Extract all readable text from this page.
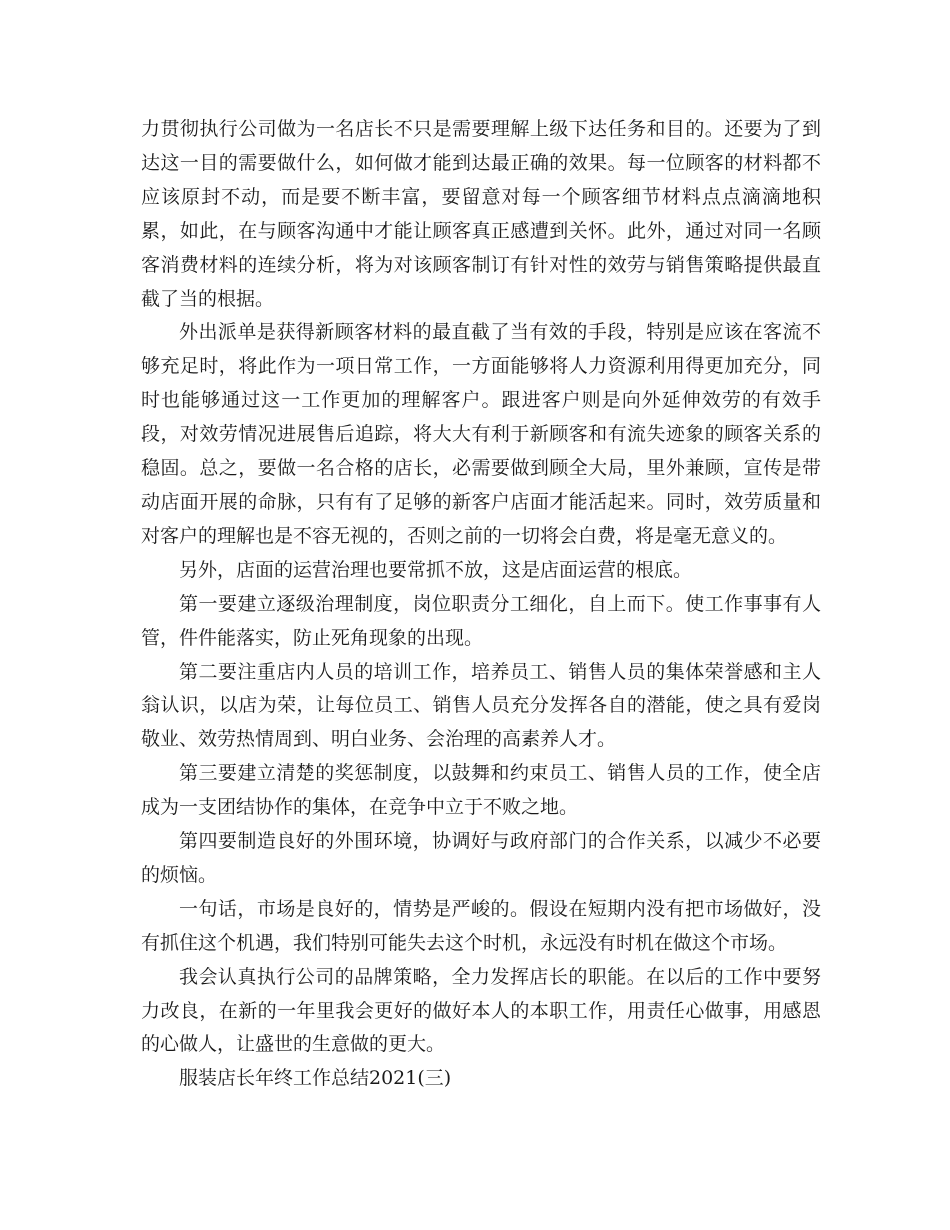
力贯彻执行公司做为一名店长不只是需要理解上级下达任务和目的。还要为了到达这一目的需要做什么，如何做才能到达最正确的效果。每一位顾客的材料都不应该原封不动，而是要不断丰富，要留意对每一个顾客细节材料点点滴滴地积累，如此，在与顾客沟通中才能让顾客真正感遭到关怀。此外，通过对同一名顾客消费材料的连续分析，将为对该顾客制订有针对性的效劳与销售策略提供最直截了当的根据。

外出派单是获得新顾客材料的最直截了当有效的手段，特别是应该在客流不够充足时，将此作为一项日常工作，一方面能够将人力资源利用得更加充分，同时也能够通过这一工作更加的理解客户。跟进客户则是向外延伸效劳的有效手段，对效劳情况进展售后追踪，将大大有利于新顾客和有流失迹象的顾客关系的稳固。总之，要做一名合格的店长，必需要做到顾全大局，里外兼顾，宣传是带动店面开展的命脉，只有有了足够的新客户店面才能活起来。同时，效劳质量和对客户的理解也是不容无视的，否则之前的一切将会白费，将是毫无意义的。

另外，店面的运营治理也要常抓不放，这是店面运营的根底。

第一要建立逐级治理制度，岗位职责分工细化，自上而下。使工作事事有人管，件件能落实，防止死角现象的出现。

第二要注重店内人员的培训工作，培养员工、销售人员的集体荣誉感和主人翁认识，以店为荣，让每位员工、销售人员充分发挥各自的潜能，使之具有爱岗敬业、效劳热情周到、明白业务、会治理的高素养人才。

第三要建立清楚的奖惩制度，以鼓舞和约束员工、销售人员的工作，使全店成为一支团结协作的集体，在竞争中立于不败之地。

第四要制造良好的外围环境，协调好与政府部门的合作关系，以减少不必要的烦恼。

一句话，市场是良好的，情势是严峻的。假设在短期内没有把市场做好，没有抓住这个机遇，我们特别可能失去这个时机，永远没有时机在做这个市场。

我会认真执行公司的品牌策略，全力发挥店长的职能。在以后的工作中要努力改良，在新的一年里我会更好的做好本人的本职工作，用责任心做事，用感恩的心做人，让盛世的生意做的更大。

服装店长年终工作总结2021(三)
